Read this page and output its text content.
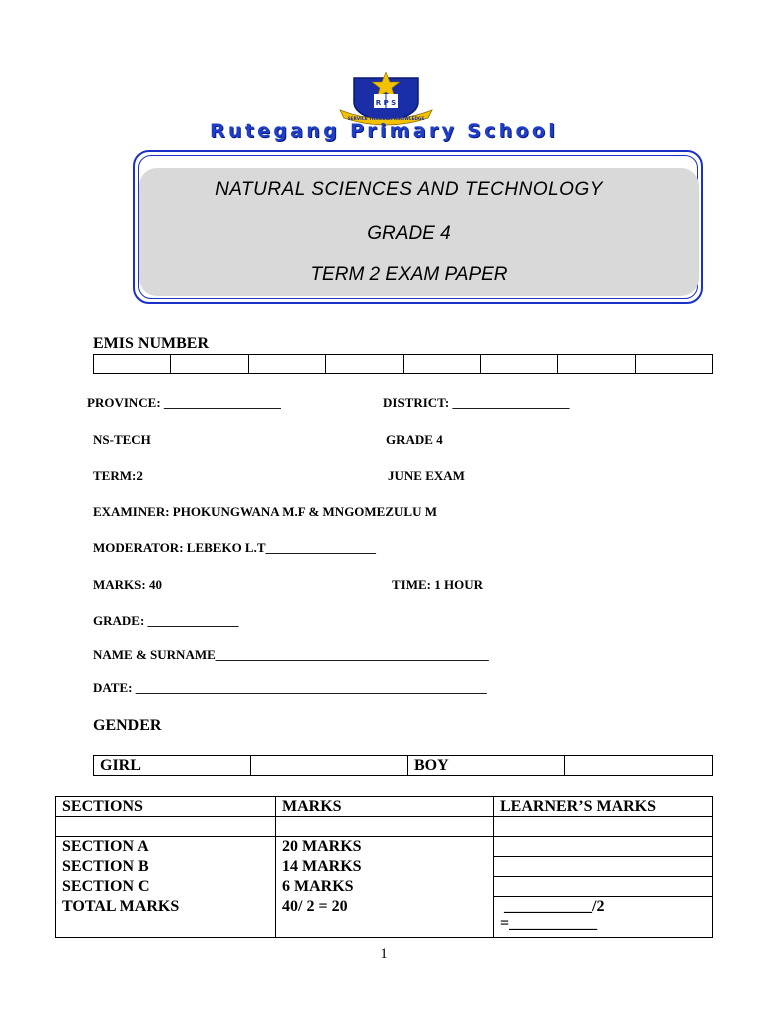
R P S
SERVICE THROUGH KNOWLEDGE
Rutegang Primary School
NATURAL SCIENCES AND TECHNOLOGY
GRADE 4
TERM 2 EXAM PAPER
EMIS NUMBER

PROVINCE: __________________	DISTRICT: __________________
NS-TECH	GRADE 4
TERM:2	JUNE EXAM
EXAMINER: PHOKUNGWANA M.F & MNGOMEZULU M
MODERATOR: LEBEKO L.T_________________
MARKS: 40	TIME: 1 HOUR
GRADE: ______________
NAME & SURNAME__________________________________________
DATE: ______________________________________________________
GENDER
GIRL		BOY	
SECTIONS	MARKS	LEARNER’S MARKS

SECTION A	20 MARKS	
SECTION B	14 MARKS	
SECTION C	6 MARKS	
TOTAL MARKS	40/ 2 = 20	___________/2
=___________
1
